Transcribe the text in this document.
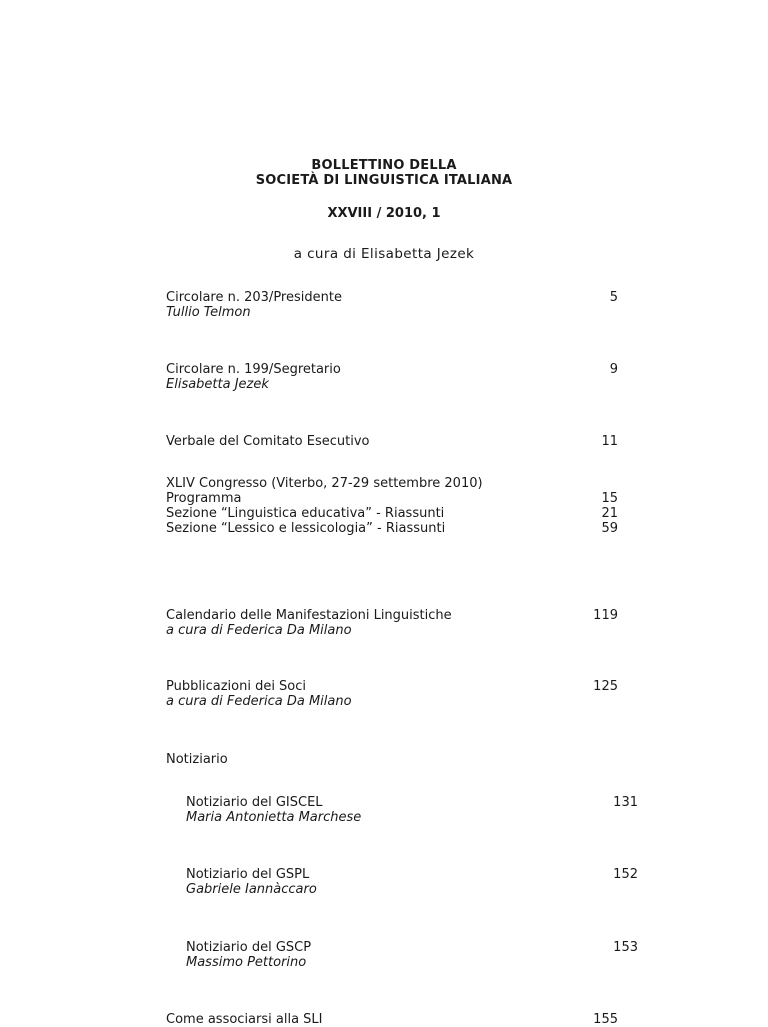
BOLLETTINO DELLA
SOCIETÀ DI LINGUISTICA ITALIANA
XXVIII / 2010, 1
a cura di Elisabetta Jezek
Circolare n. 203/Presidente
Tullio Telmon
5
Circolare n. 199/Segretario
Elisabetta Jezek
9
Verbale del Comitato Esecutivo	11
XLIV Congresso (Viterbo, 27-29 settembre 2010)
Programma
Sezione “Linguistica educativa” - Riassunti
Sezione “Lessico e lessicologia” - Riassunti
15
21
59
Calendario delle Manifestazioni Linguistiche
a cura di Federica Da Milano
119
Pubblicazioni dei Soci
a cura di Federica Da Milano
125
Notiziario
Notiziario del GISCEL
Maria Antonietta Marchese
131
Notiziario del GSPL
Gabriele Iannàccaro
152
Notiziario del GSCP
Massimo Pettorino
153
Come associarsi alla SLI	155
